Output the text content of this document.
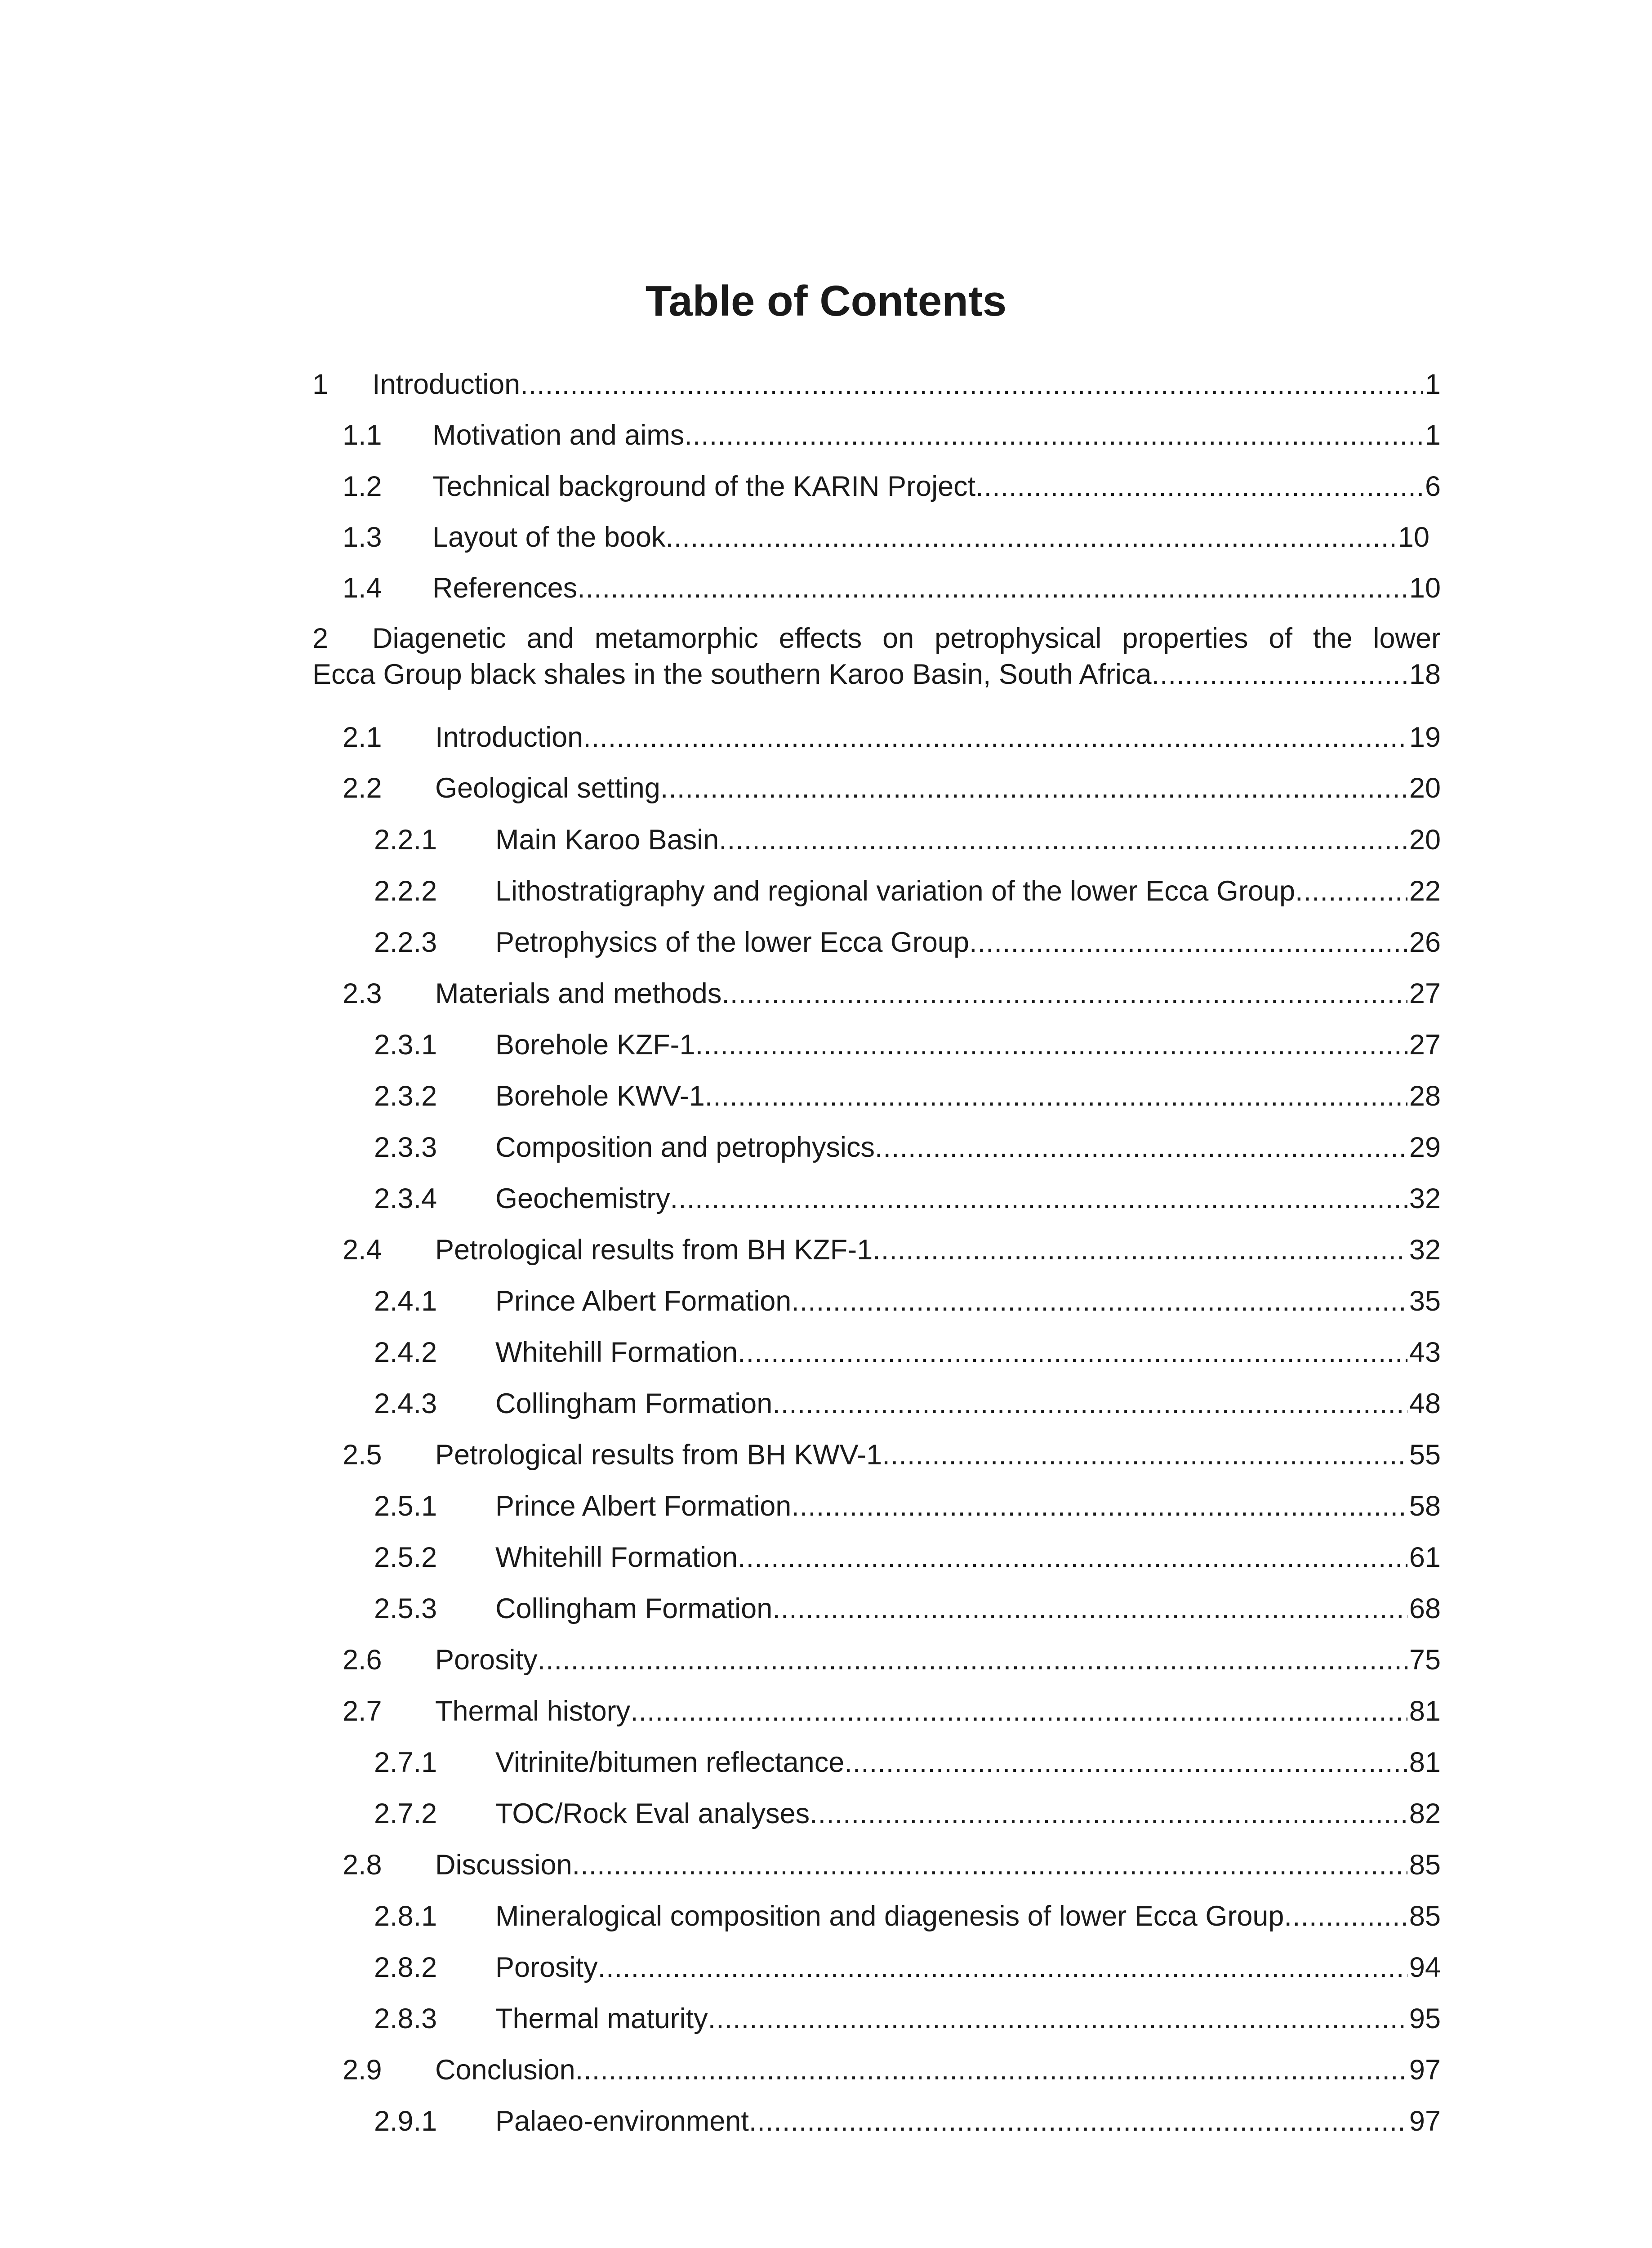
Table of Contents
1 Introduction .....	1
1.1 Motivation and aims .....	1
1.2 Technical background of the KARIN Project .....	6
1.3 Layout of the book .....	10
1.4 References .....	10
2	Diagenetic and metamorphic effects on petrophysical properties of the lower
Ecca Group black shales in the southern Karoo Basin, South Africa .....	18
2.1 Introduction .....	19
2.2 Geological setting .....	20
2.2.1 Main Karoo Basin .....	20
2.2.2 Lithostratigraphy and regional variation of the lower Ecca Group .....	22
2.2.3 Petrophysics of the lower Ecca Group .....	26
2.3 Materials and methods .....	27
2.3.1 Borehole KZF-1 .....	27
2.3.2 Borehole KWV-1 .....	28
2.3.3 Composition and petrophysics .....	29
2.3.4 Geochemistry .....	32
2.4 Petrological results from BH KZF-1 .....	32
2.4.1 Prince Albert Formation .....	35
2.4.2 Whitehill Formation .....	43
2.4.3 Collingham Formation .....	48
2.5 Petrological results from BH KWV-1 .....	55
2.5.1 Prince Albert Formation .....	58
2.5.2 Whitehill Formation .....	61
2.5.3 Collingham Formation .....	68
2.6 Porosity .....	75
2.7 Thermal history .....	81
2.7.1 Vitrinite/bitumen reflectance .....	81
2.7.2 TOC/Rock Eval analyses .....	82
2.8 Discussion .....	85
2.8.1 Mineralogical composition and diagenesis of lower Ecca Group .....	85
2.8.2 Porosity .....	94
2.8.3 Thermal maturity .....	95
2.9 Conclusion .....	97
2.9.1 Palaeo-environment .....	97
